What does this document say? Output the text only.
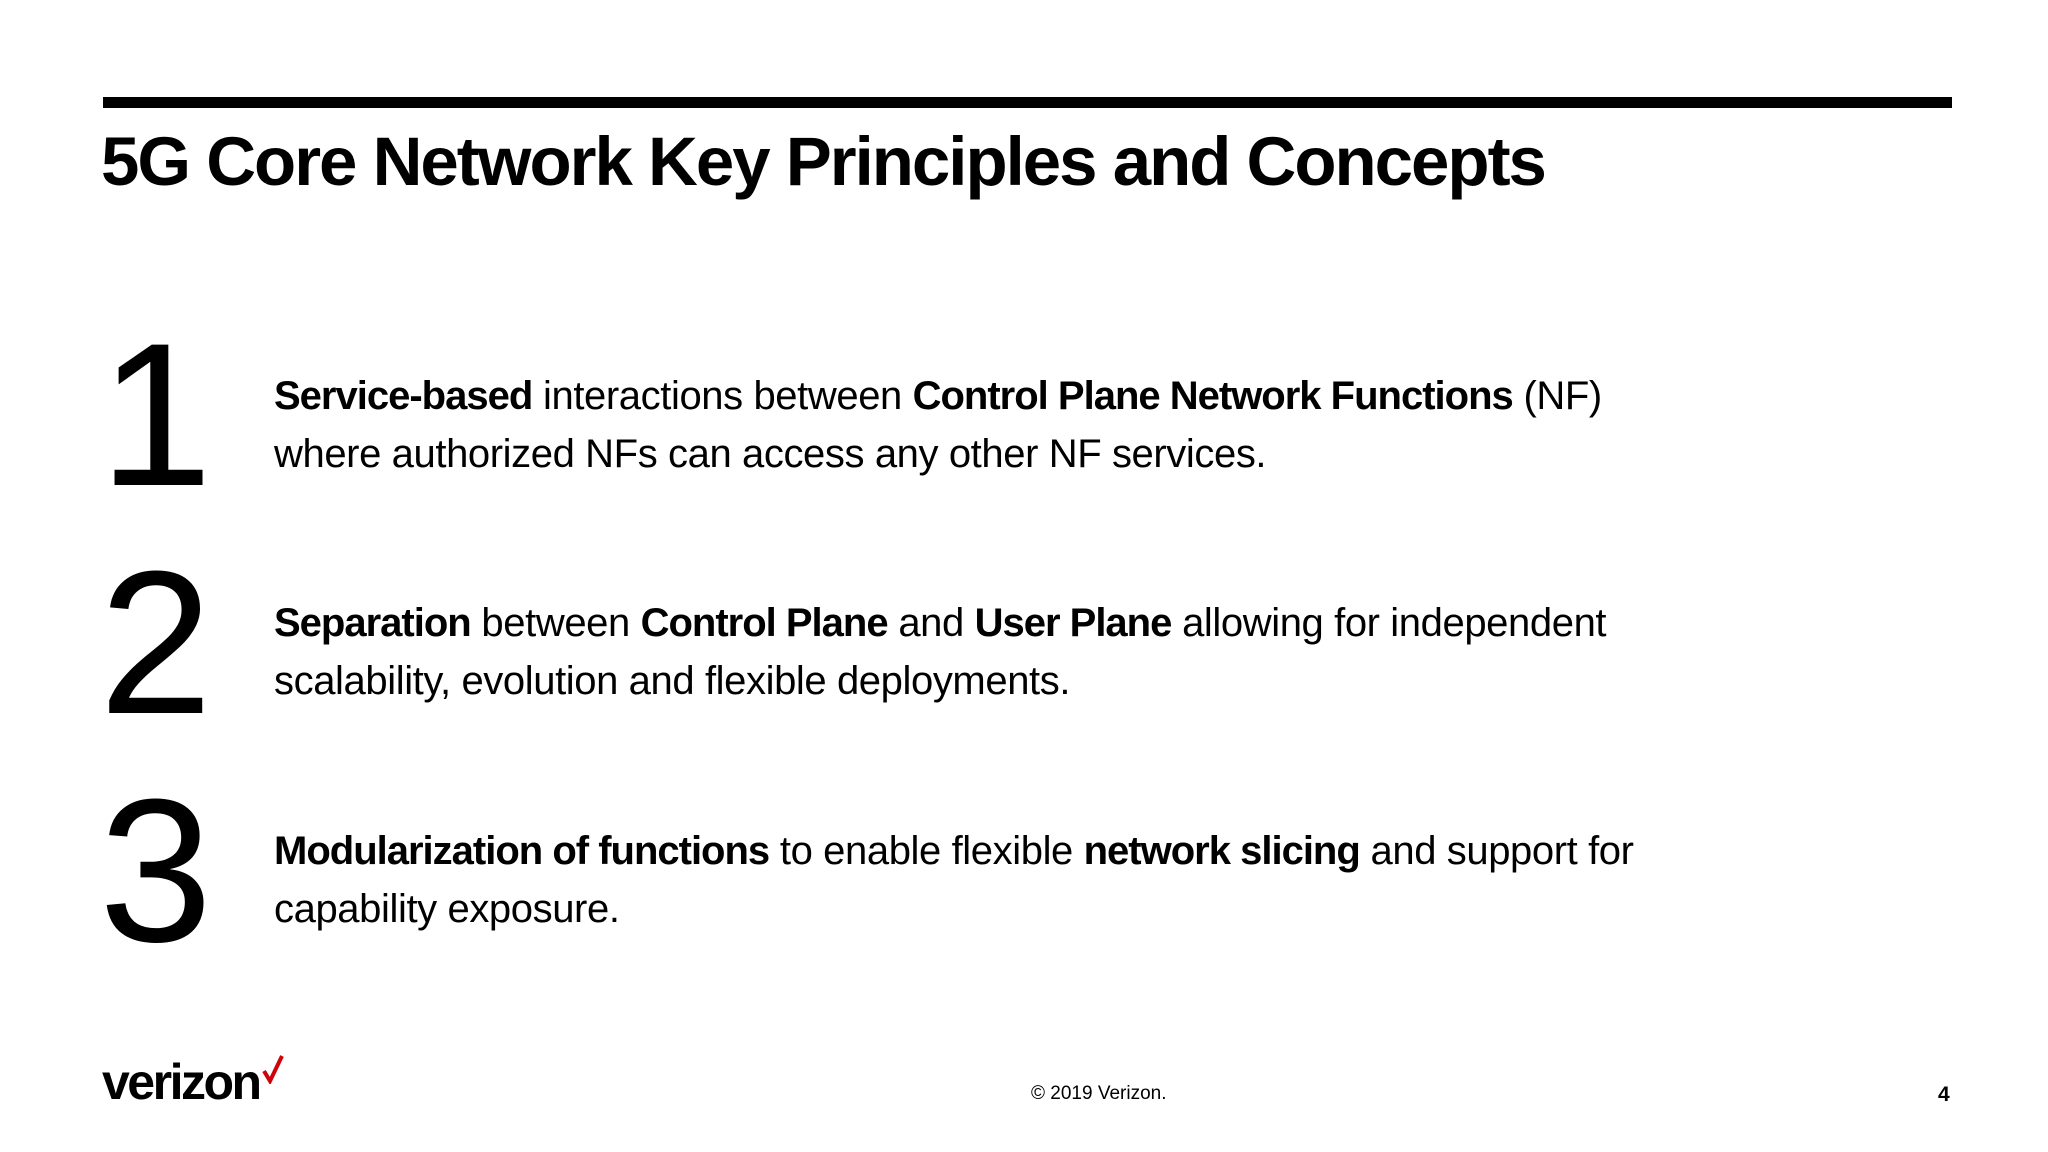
5G Core Network Key Principles and Concepts
1	Service-based interactions between Control Plane Network Functions (NF)
where authorized NFs can access any other NF services.
2	Separation between Control Plane and User Plane allowing for independent
scalability, evolution and flexible deployments.
3	Modularization of functions to enable flexible network slicing and support for
capability exposure.
verizon	© 2019 Verizon.	4
